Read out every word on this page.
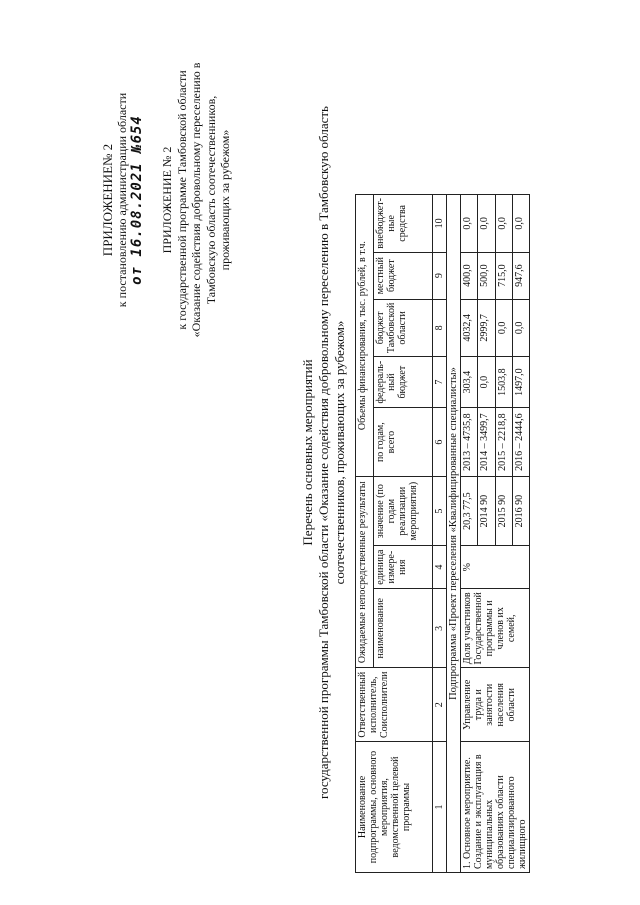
ПРИЛОЖЕНИЕ№ 2 к постановлению администрации области от 16.08.2021 №654 ПРИЛОЖЕНИЕ № 2 к государственной программе Тамбовской области «Оказание содействия добровольному переселению в Тамбовскую область соотечественников, проживающих за рубежом»
Перечень основных мероприятий государственной программы Тамбовской области «Оказание содействия добровольному переселению в Тамбовскую область соотечественников, проживающих за рубежом»
Наименование подпрограммы, основного мероприятия, ведомственной целевой программы	Ответственный исполнитель, Соисполнители	Ожидаемые непосредственные результаты			Объемы финансирования, тыс. рублей, в т.ч.				
		наименование	единица измере-ния	значение (по годам реализации мероприятия)	по годам, всего	федераль-ный бюджет	бюджет Тамбовской области	местный бюджет	внебюджет-ные средства
1	2	3	4	5	6	7	8	9	10
Подпрограмма «Проект переселения «Квалифицированные специалисты»									
1. Основное мероприятие. Создание и эксплуатация в муниципальных образованиях области специализированного жилищного	Управление труда и занятости населения области	Доля участников Государственной программы и членов их семей,	%	20,3 77,5	2013 – 4735,8	303,4	4032,4	400,0	0,0
				2014 90	2014 – 3499,7	0,0	2999,7	500,0	0,0
				2015 90	2015 – 2218,8	1503,8	0,0	715,0	0,0
				2016 90	2016 – 2444,6	1497,0	0,0	947,6	0,0
